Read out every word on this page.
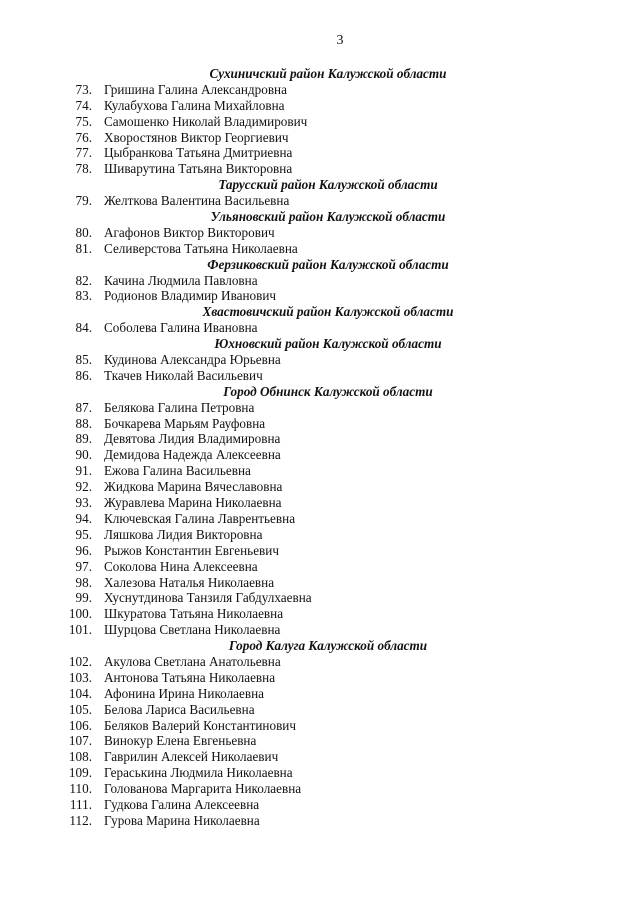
3
Сухиничский район Калужской области
73. Гришина Галина Александровна
74. Кулабухова Галина Михайловна
75. Самошенко Николай Владимирович
76. Хворостянов Виктор Георгиевич
77. Цыбранкова Татьяна Дмитриевна
78. Шиварутина Татьяна Викторовна
Тарусский район Калужской области
79. Желткова Валентина Васильевна
Ульяновский район Калужской области
80. Агафонов Виктор Викторович
81. Селиверстова Татьяна Николаевна
Ферзиковский район Калужской области
82. Качина Людмила Павловна
83. Родионов Владимир Иванович
Хвастовичский район Калужской области
84. Соболева Галина Ивановна
Юхновский район Калужской области
85. Кудинова Александра Юрьевна
86. Ткачев Николай Васильевич
Город Обнинск Калужской области
87. Белякова Галина Петровна
88. Бочкарева Марьям Рауфовна
89. Девятова Лидия Владимировна
90. Демидова Надежда Алексеевна
91. Ежова Галина Васильевна
92. Жидкова Марина Вячеславовна
93. Журавлева Марина Николаевна
94. Ключевская Галина Лаврентьевна
95. Ляшкова Лидия Викторовна
96. Рыжов Константин Евгеньевич
97. Соколова Нина Алексеевна
98. Халезова Наталья Николаевна
99. Хуснутдинова Танзиля Габдулхаевна
100. Шкуратова Татьяна Николаевна
101. Шурцова Светлана Николаевна
Город Калуга Калужской области
102. Акулова Светлана Анатольевна
103. Антонова Татьяна Николаевна
104. Афонина Ирина Николаевна
105. Белова Лариса Васильевна
106. Беляков Валерий Константинович
107. Винокур Елена Евгеньевна
108. Гаврилин Алексей Николаевич
109. Гераськина Людмила Николаевна
110. Голованова Маргарита Николаевна
111. Гудкова Галина Алексеевна
112. Гурова Марина Николаевна
